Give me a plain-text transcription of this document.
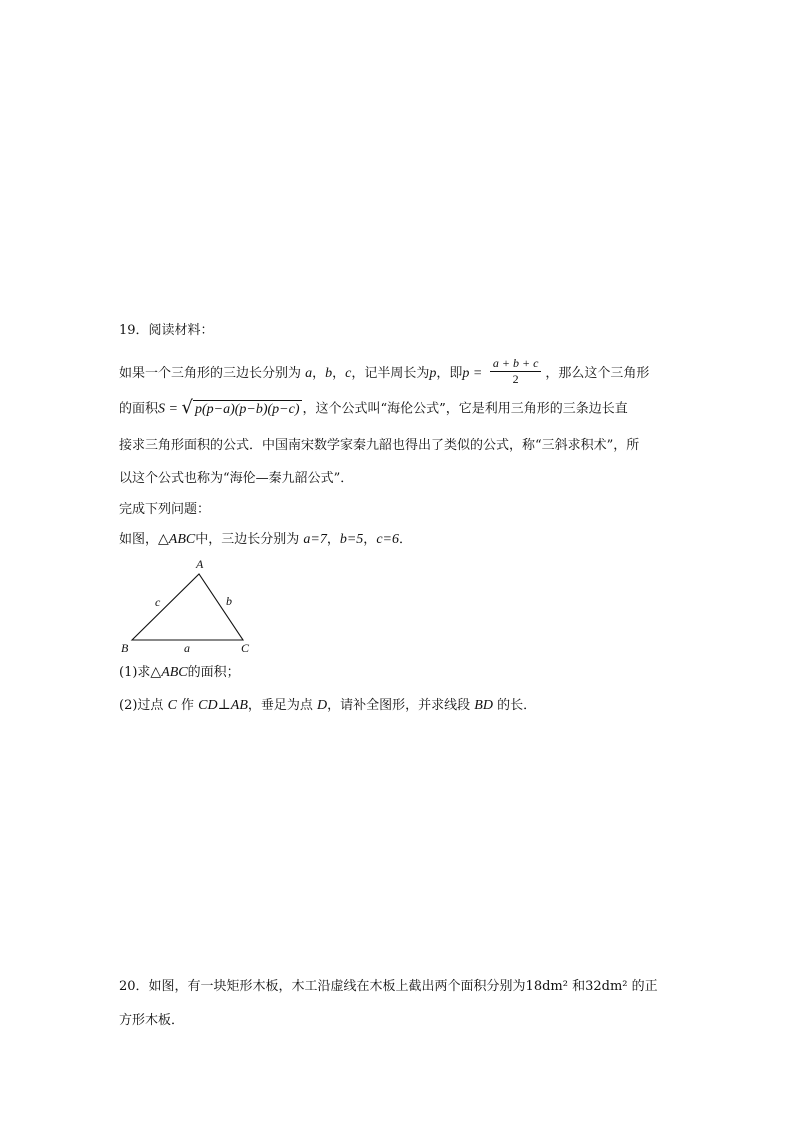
19．阅读材料：
如果一个三角形的三边长分别为 a，b，c，记半周长为p，即$p = \frac{a + b + c}{2}$ ，那么这个三角形
的面积S = √ p(p−a)(p−b)(p−c) ，这个公式叫“海伦公式”，它是利用三角形的三条边长直
接求三角形面积的公式．中国南宋数学家秦九韶也得出了类似的公式，称“三斜求积术”，所
以这个公式也称为“海伦—秦九韶公式”．
完成下列问题：
如图，△ABC中，三边长分别为 a=7，b=5，c=6．
A
B	C
c	b
a
(1)求△ABC的面积；
(2)过点 C 作 CD⊥AB，垂足为点 D，请补全图形，并求线段 BD 的长．
20．如图，有一块矩形木板，木工沿虚线在木板上截出两个面积分别为18dm² 和32dm² 的正
方形木板．
